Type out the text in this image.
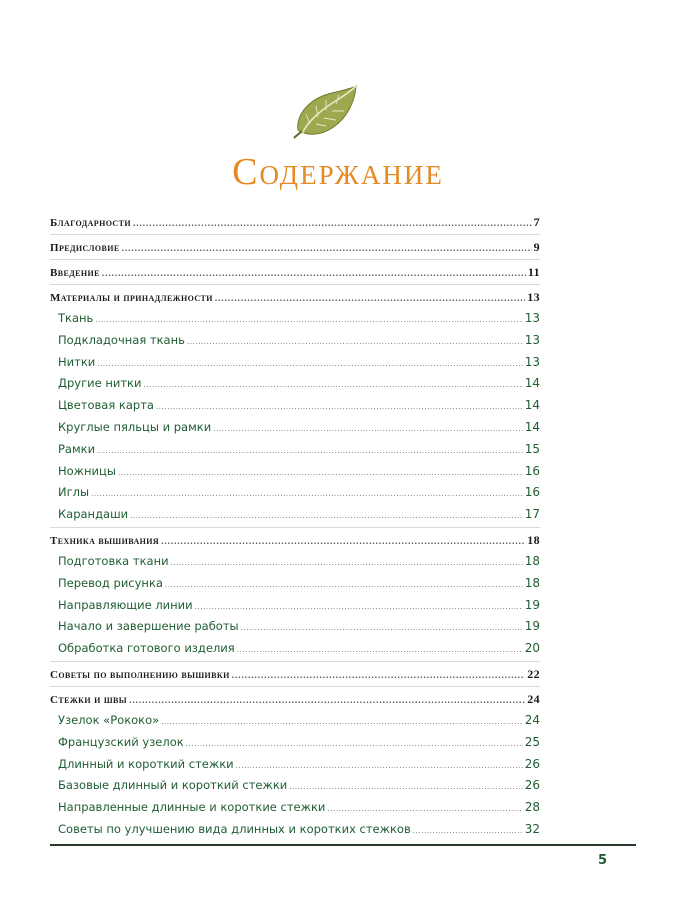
Содержание
Благодарности .....	7
Предисловие .....	9
Введение .....	11
Материалы и принадлежности .....	13
Ткань .....	13
Подкладочная ткань .....	13
Нитки .....	13
Другие нитки .....	14
Цветовая карта .....	14
Круглые пяльцы и рамки .....	14
Рамки .....	15
Ножницы .....	16
Иглы .....	16
Карандаши .....	17
Техника вышивания .....	18
Подготовка ткани .....	18
Перевод рисунка .....	18
Направляющие линии .....	19
Начало и завершение работы .....	19
Обработка готового изделия .....	20
Советы по выполнению вышивки .....	22
Стежки и швы .....	24
Узелок «Рококо» .....	24
Французский узелок .....	25
Длинный и короткий стежки .....	26
Базовые длинный и короткий стежки .....	26
Направленные длинные и короткие стежки .....	28
Советы по улучшению вида длинных и коротких стежков .....	32
5
